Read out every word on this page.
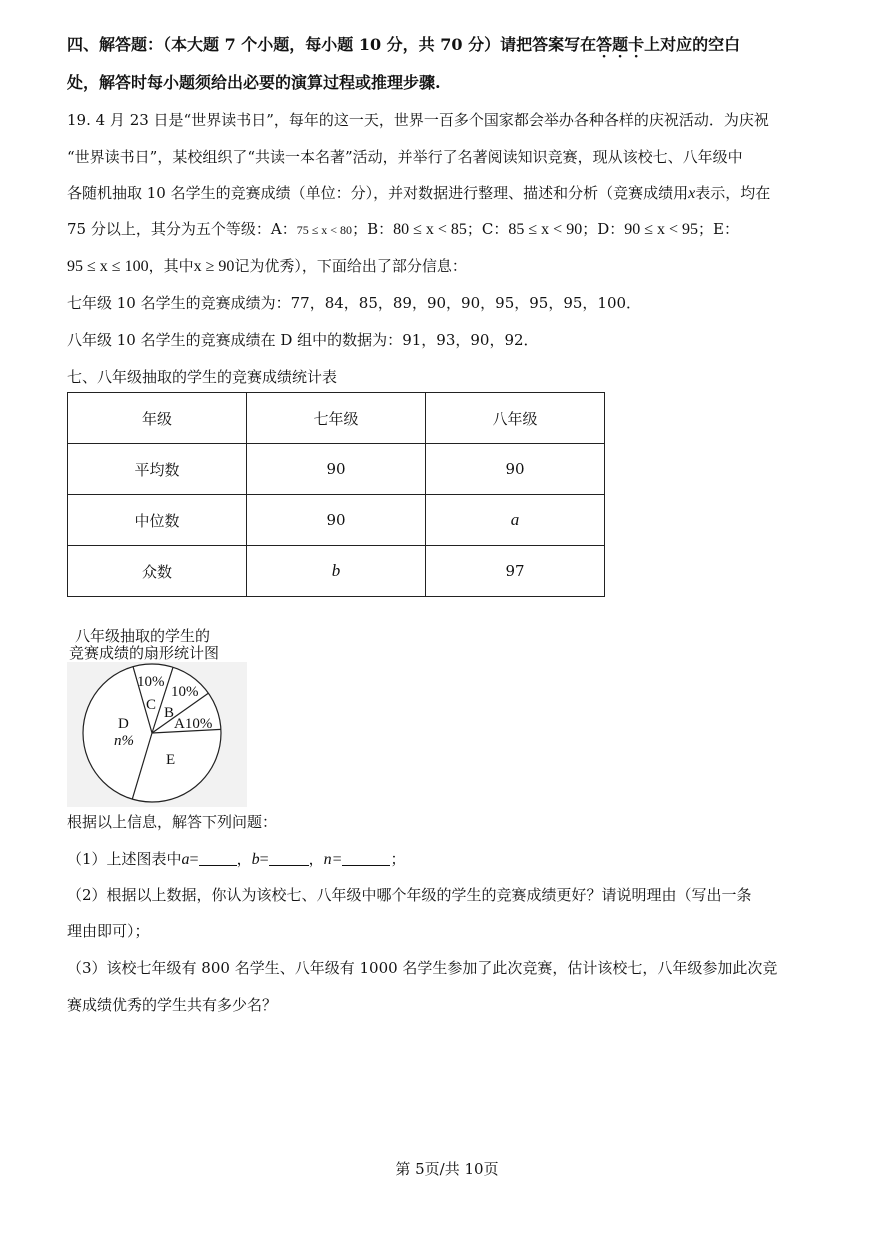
四、解答题：（本大题 7 个小题，每小题 10 分，共 70 分）请把答案写在答题卡上对应的空白
处，解答时每小题须给出必要的演算过程或推理步骤.
19. 4 月 23 日是“世界读书日”，每年的这一天，世界一百多个国家都会举办各种各样的庆祝活动．为庆祝
“世界读书日”，某校组织了“共读一本名著”活动，并举行了名著阅读知识竞赛，现从该校七、八年级中
各随机抽取 10 名学生的竞赛成绩（单位：分），并对数据进行整理、描述和分析（竞赛成绩用x表示，均在
75 分以上，其分为五个等级：A：75 ≤ x < 80；B：80 ≤ x < 85；C：85 ≤ x < 90；D：90 ≤ x < 95；E：
95 ≤ x ≤ 100，其中x ≥ 90记为优秀），下面给出了部分信息：
七年级 10 名学生的竞赛成绩为：77，84，85，89，90，90，95，95，95，100．
八年级 10 名学生的竞赛成绩在 D 组中的数据为：91，93，90，92．
七、八年级抽取的学生的竞赛成绩统计表
年级	七年级	八年级
平均数	90	90
中位数	90	a
众数	b	97
八年级抽取的学生的
竞赛成绩的扇形统计图
10%
C
10%
B
A10%
D
n%
E
根据以上信息，解答下列问题：
（1）上述图表中a=	，b=	，n=	；
（2）根据以上数据，你认为该校七、八年级中哪个年级的学生的竞赛成绩更好？请说明理由（写出一条
理由即可）；
（3）该校七年级有 800 名学生、八年级有 1000 名学生参加了此次竞赛，估计该校七，八年级参加此次竞
赛成绩优秀的学生共有多少名？
第 5页/共 10页
